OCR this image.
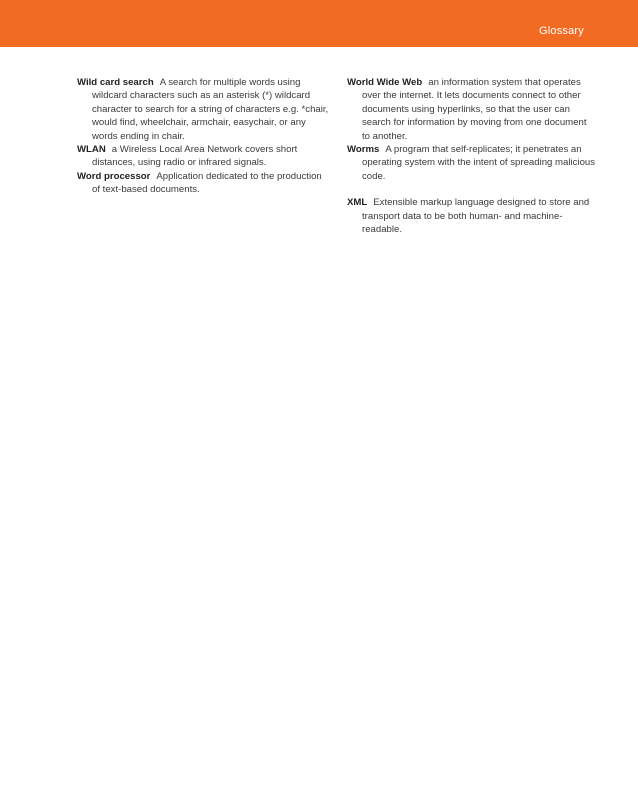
Glossary

Wild card search A search for multiple words using wildcard characters such as an asterisk (*) wildcard character to search for a string of characters e.g. *chair, would find, wheelchair, armchair, easychair, or any words ending in chair.

WLAN a Wireless Local Area Network covers short distances, using radio or infrared signals.

Word processor Application dedicated to the production of text-based documents.

World Wide Web an information system that operates over the internet. It lets documents connect to other documents using hyperlinks, so that the user can search for information by moving from one document to another.

Worms A program that self-replicates; it penetrates an operating system with the intent of spreading malicious code.

XML Extensible markup language designed to store and transport data to be both human- and machine-readable.
